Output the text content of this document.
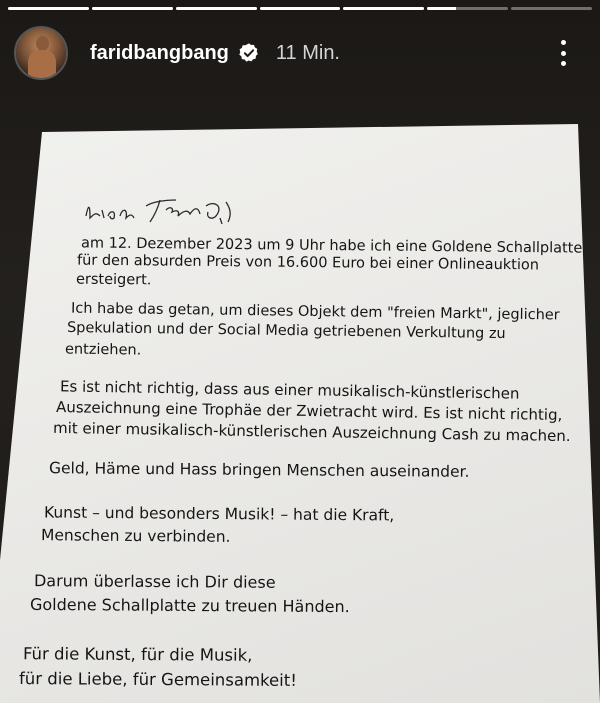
am 12. Dezember 2023 um 9 Uhr habe ich eine Goldene Schallplatte
für den absurden Preis von 16.600 Euro bei einer Onlineauktion
ersteigert.
Ich habe das getan, um dieses Objekt dem "freien Markt", jeglicher
Spekulation und der Social Media getriebenen Verkultung zu
entziehen.
Es ist nicht richtig, dass aus einer musikalisch-künstlerischen
Auszeichnung eine Trophäe der Zwietracht wird. Es ist nicht richtig,
mit einer musikalisch-künstlerischen Auszeichnung Cash zu machen.
Geld, Häme und Hass bringen Menschen auseinander.
Kunst – und besonders Musik! – hat die Kraft,
Menschen zu verbinden.
Darum überlasse ich Dir diese
Goldene Schallplatte zu treuen Händen.
Für die Kunst, für die Musik,
für die Liebe, für Gemeinsamkeit!
faridbangbang 11 Min.
